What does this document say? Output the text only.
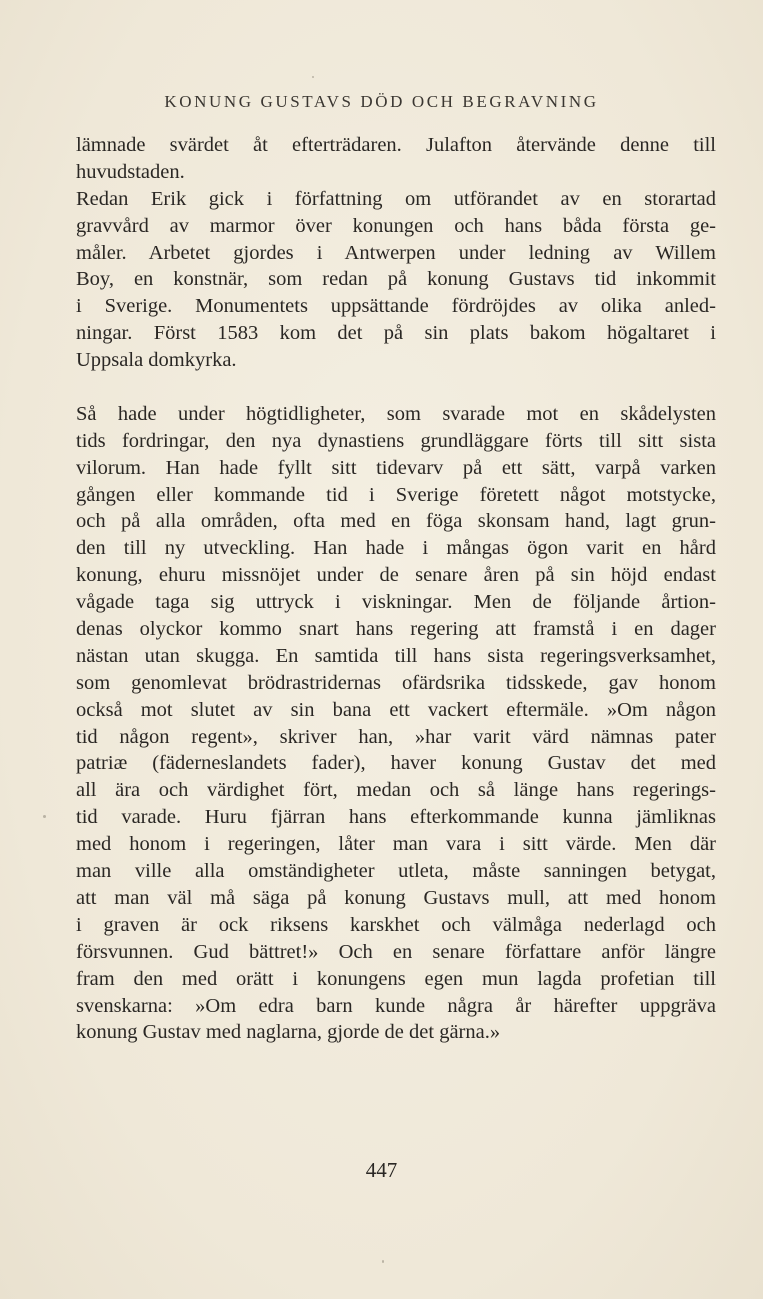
KONUNG GUSTAVS DÖD OCH BEGRAVNING
lämnade svärdet åt efterträdaren. Julafton återvände denne till
huvudstaden.
Redan Erik gick i författning om utförandet av en storartad
gravvård av marmor över konungen och hans båda första ge-
måler. Arbetet gjordes i Antwerpen under ledning av Willem
Boy, en konstnär, som redan på konung Gustavs tid inkommit
i Sverige. Monumentets uppsättande fördröjdes av olika anled-
ningar. Först 1583 kom det på sin plats bakom högaltaret i
Uppsala domkyrka.
Så hade under högtidligheter, som svarade mot en skådelysten
tids fordringar, den nya dynastiens grundläggare förts till sitt sista
vilorum. Han hade fyllt sitt tidevarv på ett sätt, varpå varken
gången eller kommande tid i Sverige företett något motstycke,
och på alla områden, ofta med en föga skonsam hand, lagt grun-
den till ny utveckling. Han hade i mångas ögon varit en hård
konung, ehuru missnöjet under de senare åren på sin höjd endast
vågade taga sig uttryck i viskningar. Men de följande årtion-
denas olyckor kommo snart hans regering att framstå i en dager
nästan utan skugga. En samtida till hans sista regeringsverksamhet,
som genomlevat brödrastridernas ofärdsrika tidsskede, gav honom
också mot slutet av sin bana ett vackert eftermäle. »Om någon
tid någon regent», skriver han, »har varit värd nämnas pater
patriæ (fäderneslandets fader), haver konung Gustav det med
all ära och värdighet fört, medan och så länge hans regerings-
tid varade. Huru fjärran hans efterkommande kunna jämliknas
med honom i regeringen, låter man vara i sitt värde. Men där
man ville alla omständigheter utleta, måste sanningen betygat,
att man väl må säga på konung Gustavs mull, att med honom
i graven är ock riksens karskhet och välmåga nederlagd och
försvunnen. Gud bättret!» Och en senare författare anför längre
fram den med orätt i konungens egen mun lagda profetian till
svenskarna: »Om edra barn kunde några år härefter uppgräva
konung Gustav med naglarna, gjorde de det gärna.»
447
